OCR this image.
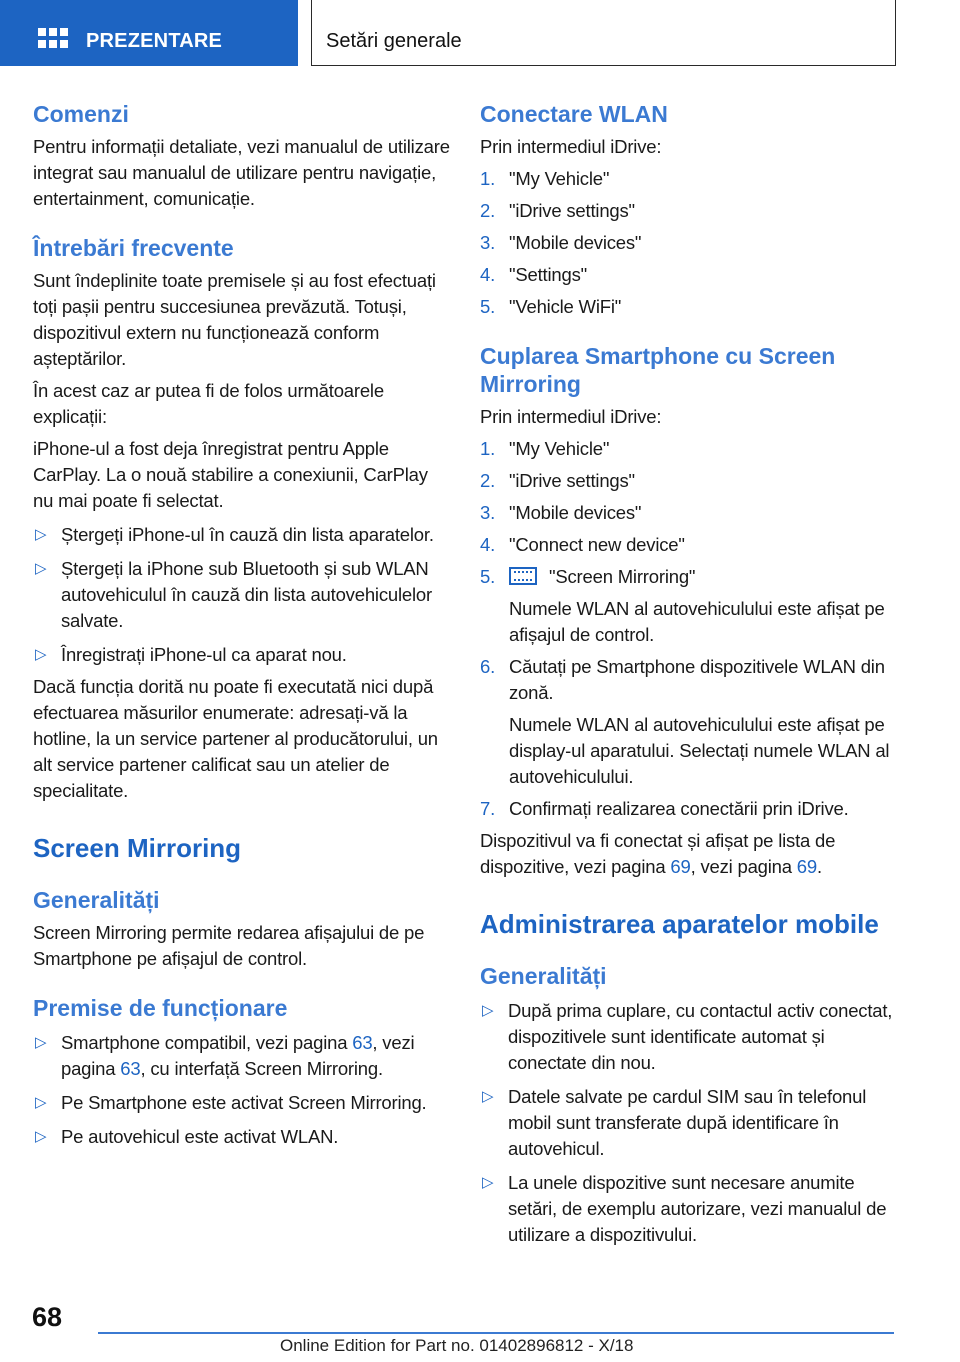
PREZENTARE	Setări generale
Comenzi

Pentru informații detaliate, vezi manualul de utilizare integrat sau manualul de utilizare pentru navigație, entertainment, comunicație.

Întrebări frecvente

Sunt îndeplinite toate premisele și au fost efectuați toți pașii pentru succesiunea prevăzută. Totuși, dispozitivul extern nu funcționează conform așteptărilor.

În acest caz ar putea fi de folos următoarele explicații:

iPhone-ul a fost deja înregistrat pentru Apple CarPlay. La o nouă stabilire a conexiunii, CarPlay nu mai poate fi selectat.

▷ Ștergeți iPhone-ul în cauză din lista aparatelor.
▷ Ștergeți la iPhone sub Bluetooth și sub WLAN autovehiculul în cauză din lista autovehiculelor salvate.
▷ Înregistrați iPhone-ul ca aparat nou.

Dacă funcția dorită nu poate fi executată nici după efectuarea măsurilor enumerate: adresați-vă la hotline, la un service partener al producătorului, un alt service partener calificat sau un atelier de specialitate.

Screen Mirroring
Generalități

Screen Mirroring permite redarea afișajului de pe Smartphone pe afișajul de control.

Premise de funcționare
▷ Smartphone compatibil, vezi pagina 63, vezi pagina 63, cu interfață Screen Mirroring.
▷ Pe Smartphone este activat Screen Mirroring.
▷ Pe autovehicul este activat WLAN.
Conectare WLAN

Prin intermediul iDrive:

1. "My Vehicle"
2. "iDrive settings"
3. "Mobile devices"
4. "Settings"
5. "Vehicle WiFi"
Cuplarea Smartphone cu Screen Mirroring

Prin intermediul iDrive:

1. "My Vehicle"
2. "iDrive settings"
3. "Mobile devices"
4. "Connect new device"
5.	"Screen Mirroring"
Numele WLAN al autovehiculului este afișat pe afișajul de control.
6. Căutați pe Smartphone dispozitivele WLAN din zonă.
Numele WLAN al autovehiculului este afișat pe display-ul aparatului. Selectați numele WLAN al autovehiculului.
7. Confirmați realizarea conectării prin iDrive.

Dispozitivul va fi conectat și afișat pe lista de dispozitive, vezi pagina 69, vezi pagina 69.

Administrarea aparatelor mobile
Generalități
▷ După prima cuplare, cu contactul activ conectat, dispozitivele sunt identificate automat și conectate din nou.
▷ Datele salvate pe cardul SIM sau în telefonul mobil sunt transferate după identificare în autovehicul.
▷ La unele dispozitive sunt necesare anumite setări, de exemplu autorizare, vezi manualul de utilizare a dispozitivului.
68
Online Edition for Part no. 01402896812 - X/18
